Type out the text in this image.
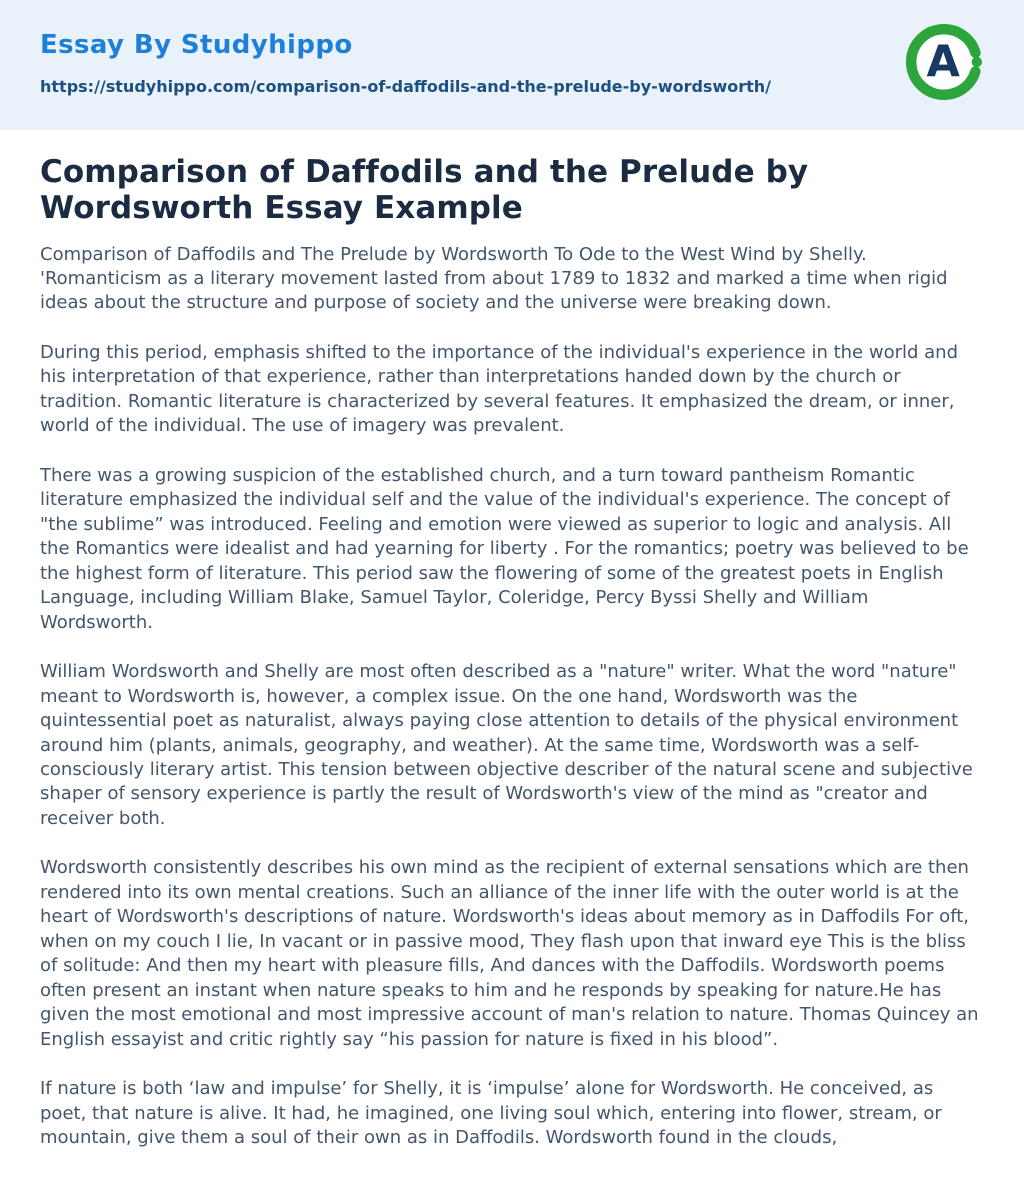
Essay By Studyhippo
https://studyhippo.com/comparison-of-daffodils-and-the-prelude-by-wordsworth/	A
Comparison of Daffodils and the Prelude by Wordsworth Essay Example

Comparison of Daffodils and The Prelude by Wordsworth To Ode to the West Wind by Shelly. 'Romanticism as a literary movement lasted from about 1789 to 1832 and marked a time when rigid ideas about the structure and purpose of society and the universe were breaking down.

During this period, emphasis shifted to the importance of the individual's experience in the world and his interpretation of that experience, rather than interpretations handed down by the church or tradition. Romantic literature is characterized by several features. It emphasized the dream, or inner, world of the individual. The use of imagery was prevalent.

There was a growing suspicion of the established church, and a turn toward pantheism Romantic literature emphasized the individual self and the value of the individual's experience. The concept of "the sublime” was introduced. Feeling and emotion were viewed as superior to logic and analysis. All the Romantics were idealist and had yearning for liberty . For the romantics; poetry was believed to be the highest form of literature. This period saw the flowering of some of the greatest poets in English Language, including William Blake, Samuel Taylor, Coleridge, Percy Byssi Shelly and William Wordsworth.

William Wordsworth and Shelly are most often described as a "nature" writer. What the word "nature" meant to Wordsworth is, however, a complex issue. On the one hand, Wordsworth was the quintessential poet as naturalist, always paying close attention to details of the physical environment around him (plants, animals, geography, and weather). At the same time, Wordsworth was a self-consciously literary artist. This tension between objective describer of the natural scene and subjective shaper of sensory experience is partly the result of Wordsworth's view of the mind as "creator and receiver both.

Wordsworth consistently describes his own mind as the recipient of external sensations which are then rendered into its own mental creations. Such an alliance of the inner life with the outer world is at the heart of Wordsworth's descriptions of nature. Wordsworth's ideas about memory as in Daffodils For oft, when on my couch I lie, In vacant or in passive mood, They flash upon that inward eye This is the bliss of solitude: And then my heart with pleasure fills, And dances with the Daffodils. Wordsworth poems often present an instant when nature speaks to him and he responds by speaking for nature.He has given the most emotional and most impressive account of man's relation to nature. Thomas Quincey an English essayist and critic rightly say “his passion for nature is fixed in his blood”.

If nature is both ‘law and impulse’ for Shelly, it is ‘impulse’ alone for Wordsworth. He conceived, as poet, that nature is alive. It had, he imagined, one living soul which, entering into flower, stream, or mountain, give them a soul of their own as in Daffodils. Wordsworth found in the clouds,
